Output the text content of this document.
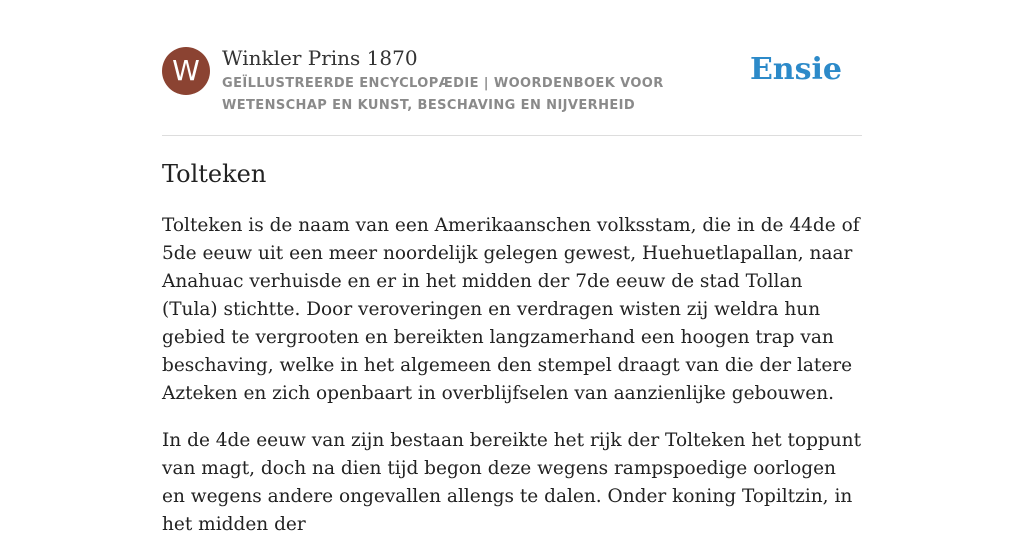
W	Winkler Prins 1870
GEÏLLUSTREERDE ENCYCLOPÆDIE | WOORDENBOEK VOOR WETENSCHAP EN KUNST, BESCHAVING EN NIJVERHEID
Ensie
Tolteken

Tolteken is de naam van een Amerikaanschen volksstam, die in de 44de of 5de eeuw uit een meer noordelijk gelegen gewest, Huehuetlapallan, naar Anahuac verhuisde en er in het midden der 7de eeuw de stad Tollan (Tula) stichtte. Door veroveringen en verdragen wisten zij weldra hun gebied te vergrooten en bereikten langzamerhand een hoogen trap van beschaving, welke in het algemeen den stempel draagt van die der latere Azteken en zich openbaart in overblijfselen van aanzienlijke gebouwen.

In de 4de eeuw van zijn bestaan bereikte het rijk der Tolteken het toppunt van magt, doch na dien tijd begon deze wegens rampspoedige oorlogen en wegens andere ongevallen allengs te dalen. Onder koning Topiltzin, in het midden der
